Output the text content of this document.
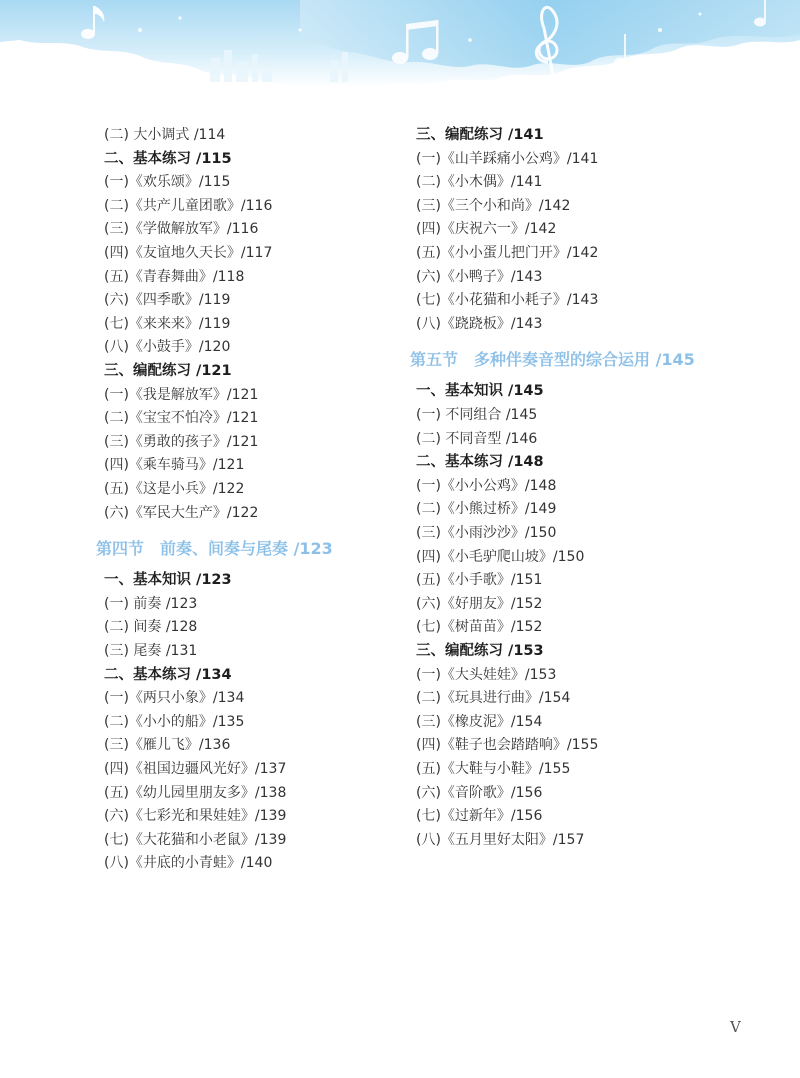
(二) 大小调式 /114
二、基本练习 /115
(一)《欢乐颂》/115
(二)《共产儿童团歌》/116
(三)《学做解放军》/116
(四)《友谊地久天长》/117
(五)《青春舞曲》/118
(六)《四季歌》/119
(七)《来来来》/119
(八)《小鼓手》/120
三、编配练习 /121
(一)《我是解放军》/121
(二)《宝宝不怕冷》/121
(三)《勇敢的孩子》/121
(四)《乘车骑马》/121
(五)《这是小兵》/122
(六)《军民大生产》/122
第四节　前奏、间奏与尾奏 /123
一、基本知识 /123
(一) 前奏 /123
(二) 间奏 /128
(三) 尾奏 /131
二、基本练习 /134
(一)《两只小象》/134
(二)《小小的船》/135
(三)《雁儿飞》/136
(四)《祖国边疆风光好》/137
(五)《幼儿园里朋友多》/138
(六)《七彩光和果娃娃》/139
(七)《大花猫和小老鼠》/139
(八)《井底的小青蛙》/140
三、编配练习 /141
(一)《山羊踩痛小公鸡》/141
(二)《小木偶》/141
(三)《三个小和尚》/142
(四)《庆祝六一》/142
(五)《小小蛋儿把门开》/142
(六)《小鸭子》/143
(七)《小花猫和小耗子》/143
(八)《跷跷板》/143
第五节　多种伴奏音型的综合运用 /145
一、基本知识 /145
(一) 不同组合 /145
(二) 不同音型 /146
二、基本练习 /148
(一)《小小公鸡》/148
(二)《小熊过桥》/149
(三)《小雨沙沙》/150
(四)《小毛驴爬山坡》/150
(五)《小手歌》/151
(六)《好朋友》/152
(七)《树苗苗》/152
三、编配练习 /153
(一)《大头娃娃》/153
(二)《玩具进行曲》/154
(三)《橡皮泥》/154
(四)《鞋子也会踏踏响》/155
(五)《大鞋与小鞋》/155
(六)《音阶歌》/156
(七)《过新年》/156
(八)《五月里好太阳》/157
V
